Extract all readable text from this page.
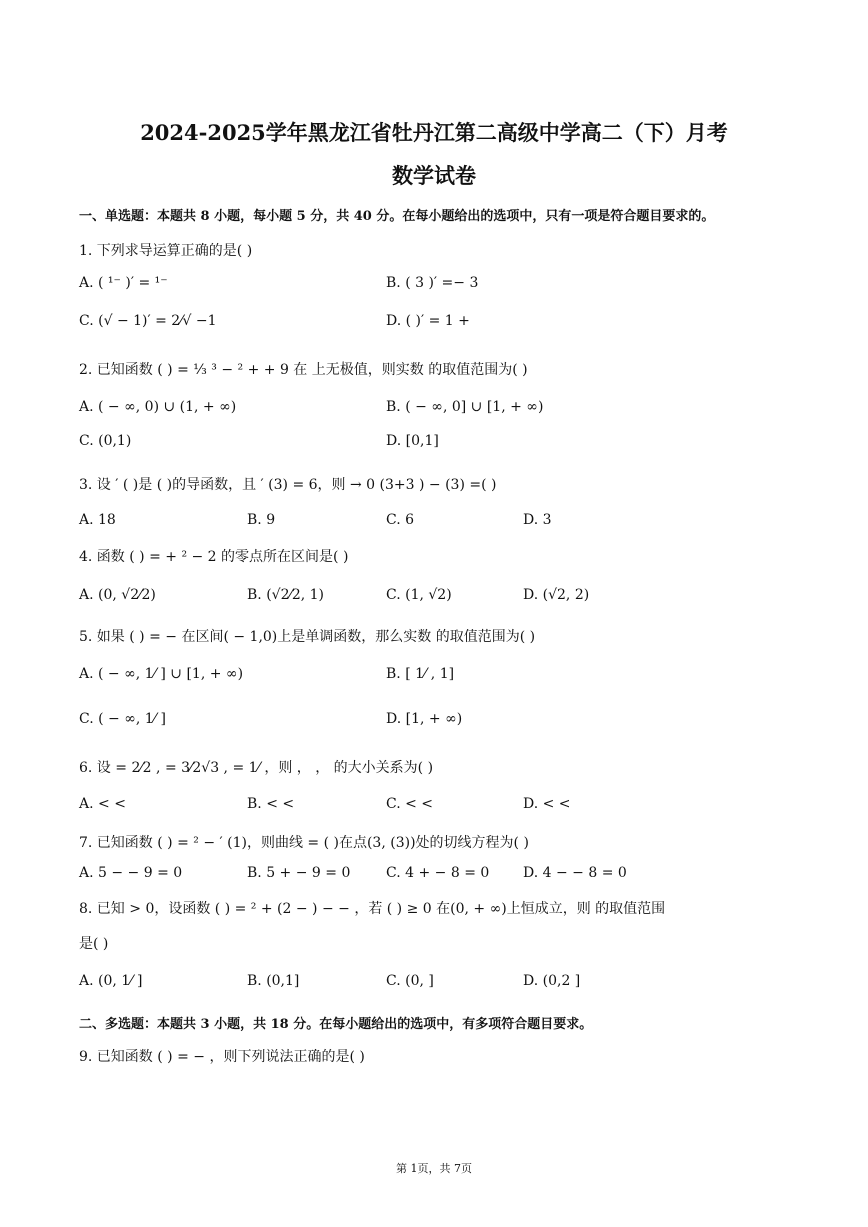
2024-2025学年黑龙江省牡丹江第二高级中学高二（下）月考
数学试卷
一、单选题：本题共 8 小题，每小题 5 分，共 40 分。在每小题给出的选项中，只有一项是符合题目要求的。
1. 下列求导运算正确的是( )
A. ( ¹⁻ )′ = ¹⁻	B. ( 3 )′ =− 3
C. (√ − 1)′ = 2⁄√ −1	D. ( )′ = 1 +
2. 已知函数 ( ) = ⅓ ³ − ² + + 9 在 上无极值，则实数 的取值范围为( )
A. ( − ∞, 0) ∪ (1, + ∞)	B. ( − ∞, 0] ∪ [1, + ∞)
C. (0,1)	D. [0,1]
3. 设 ′ ( )是 ( )的导函数，且 ′ (3) = 6，则 → 0 (3+3 ) − (3) =( )
A. 18	B. 9	C. 6	D. 3
4. 函数 ( ) = + ² − 2 的零点所在区间是( )
A. (0, √2⁄2)	B. (√2⁄2, 1)	C. (1, √2)	D. (√2, 2)
5. 如果 ( ) = − 在区间( − 1,0)上是单调函数，那么实数 的取值范围为( )
A. ( − ∞, 1⁄ ] ∪ [1, + ∞)	B. [ 1⁄ , 1]
C. ( − ∞, 1⁄ ]	D. [1, + ∞)
6. 设 = 2⁄2 , = 3⁄2√3 , = 1⁄ ，则 ， ， 的大小关系为( )
A. < <	B. < <	C. < <	D. < <
7. 已知函数 ( ) = ² − ′ (1)，则曲线 = ( )在点(3, (3))处的切线方程为( )
A. 5 − − 9 = 0	B. 5 + − 9 = 0	C. 4 + − 8 = 0 D. 4 − − 8 = 0
8. 已知 > 0，设函数 ( ) = ² + (2 − ) − − ，若 ( ) ≥ 0 在(0, + ∞)上恒成立，则 的取值范围
是( )
A. (0, 1⁄ ]	B. (0,1]	C. (0, ]	D. (0,2 ]
二、多选题：本题共 3 小题，共 18 分。在每小题给出的选项中，有多项符合题目要求。
9. 已知函数 ( ) = − ，则下列说法正确的是( )
第 1页，共 7页
